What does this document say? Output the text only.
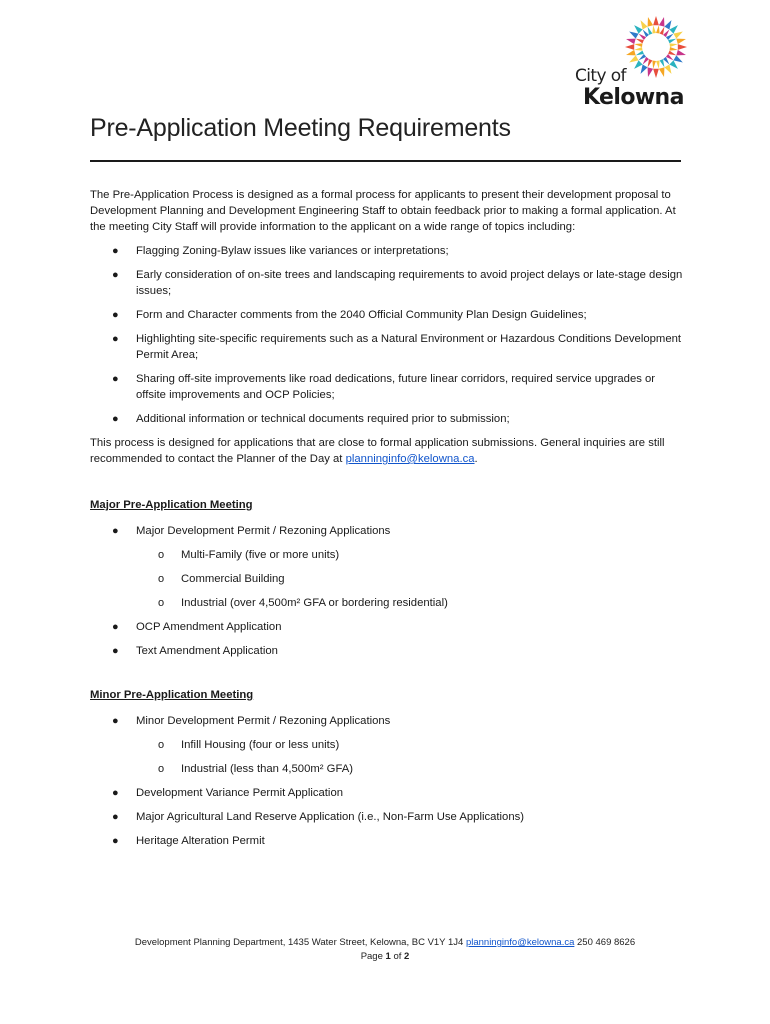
City of
Kelowna
Pre-Application Meeting Requirements

The Pre-Application Process is designed as a formal process for applicants to present their development proposal to Development Planning and Development Engineering Staff to obtain feedback prior to making a formal application. At the meeting City Staff will provide information to the applicant on a wide range of topics including:

● Flagging Zoning-Bylaw issues like variances or interpretations;
● Early consideration of on-site trees and landscaping requirements to avoid project delays or late-stage design issues;
● Form and Character comments from the 2040 Official Community Plan Design Guidelines;
● Highlighting site-specific requirements such as a Natural Environment or Hazardous Conditions Development Permit Area;
● Sharing off-site improvements like road dedications, future linear corridors, required service upgrades or offsite improvements and OCP Policies;
● Additional information or technical documents required prior to submission;

This process is designed for applications that are close to formal application submissions. General inquiries are still recommended to contact the Planner of the Day at planninginfo@kelowna.ca.

Major Pre-Application Meeting

● Major Development Permit / Rezoning Applications
o Multi-Family (five or more units)
o Commercial Building
o Industrial (over 4,500m² GFA or bordering residential)
● OCP Amendment Application
● Text Amendment Application

Minor Pre-Application Meeting

● Minor Development Permit / Rezoning Applications
o Infill Housing (four or less units)
o Industrial (less than 4,500m² GFA)
● Development Variance Permit Application
● Major Agricultural Land Reserve Application (i.e., Non-Farm Use Applications)
● Heritage Alteration Permit
Development Planning Department, 1435 Water Street, Kelowna, BC V1Y 1J4 planninginfo@kelowna.ca 250 469 8626
Page 1 of 2
